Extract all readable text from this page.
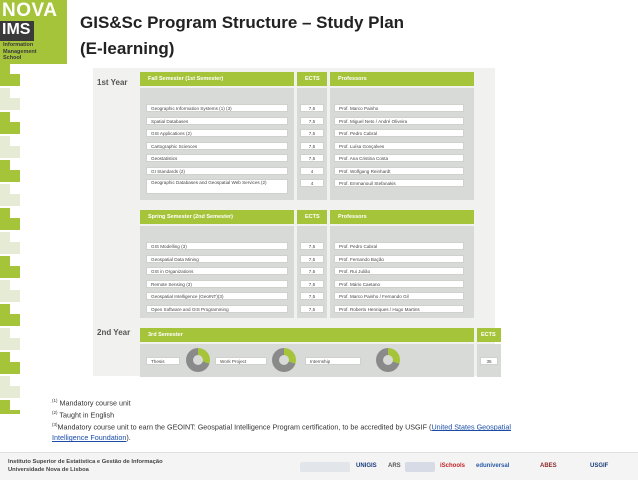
NOVA
IMS
Information
Management
School
GIS&Sc Program Structure – Study Plan
(E-learning)
1st Year	Fall Semester (1st Semester)	ECTS	Professors
Geographic Information Systems (1) (3)	7,5	Prof. Marco Painho
Spatial Databases	7,5	Prof. Miguel Neto / André Oliveira
GIS Applications (2)	7,5	Prof. Pedro Cabral
Cartographic Sciences	7,5	Prof. Luísa Gonçalves
Geostatistics	7,5	Prof. Ana Cristina Costa
GI Standards (2)	4	Prof. Wolfgang Reinhardt
Geographic Databases and Geospatial Web Services (2)	4	Prof. Emmanouil Stefanakis
Spring Semester (2nd Semester)	ECTS	Professors
GIS Modelling (3)	7,5	Prof. Pedro Cabral
Geospatial Data Mining	7,5	Prof. Fernando Bação
GIS in Organizations	7,5	Prof. Rui Julião
Remote Sensing (3)	7,5	Prof. Mário Caetano
Geospatial Intelligence (GeoINT)(3)	7,5	Prof. Marco Painho / Fernando Gil
Open Software and GIS Programming	7,5	Prof. Roberto Henriques / Hugo Martins
2nd Year	3rd Semester	ECTS
Thesis	Work Project	Internship	35
$^{(1)}$ Mandatory course unit
$^{(2)}$ Taught in English
$^{(3)}$Mandatory course unit to earn the GEOINT: Geospatial Intelligence Program certification, to be accredited by USGIF (United States Geospatial
Intelligence Foundation).
Instituto Superior de Estatística e Gestão de Informação
Universidade Nova de Lisboa
UNIGIS ARS	iSchools eduniversal	ABES	USGIF
